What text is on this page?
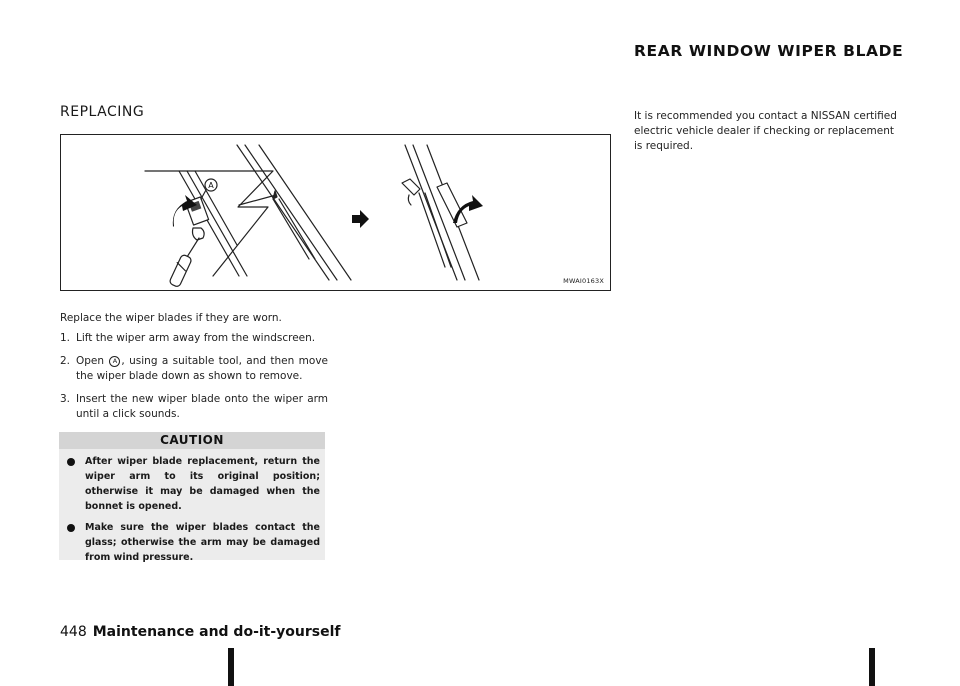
REPLACING
REAR WINDOW WIPER BLADE
A
MWAI0163X

Replace the wiper blades if they are worn.

1. Lift the wiper arm away from the windscreen.
2. Open A , using a suitable tool, and then move the wiper blade down as shown to remove.
3. Insert the new wiper blade onto the wiper arm until a click sounds.
CAUTION
After wiper blade replacement, return the wiper arm to its original position; otherwise it may be damaged when the bonnet is opened.
Make sure the wiper blades contact the glass; otherwise the arm may be damaged from wind pressure.

It is recommended you contact a NISSAN certified electric vehicle dealer if checking or replacement is required.

448 Maintenance and do-it-yourself
